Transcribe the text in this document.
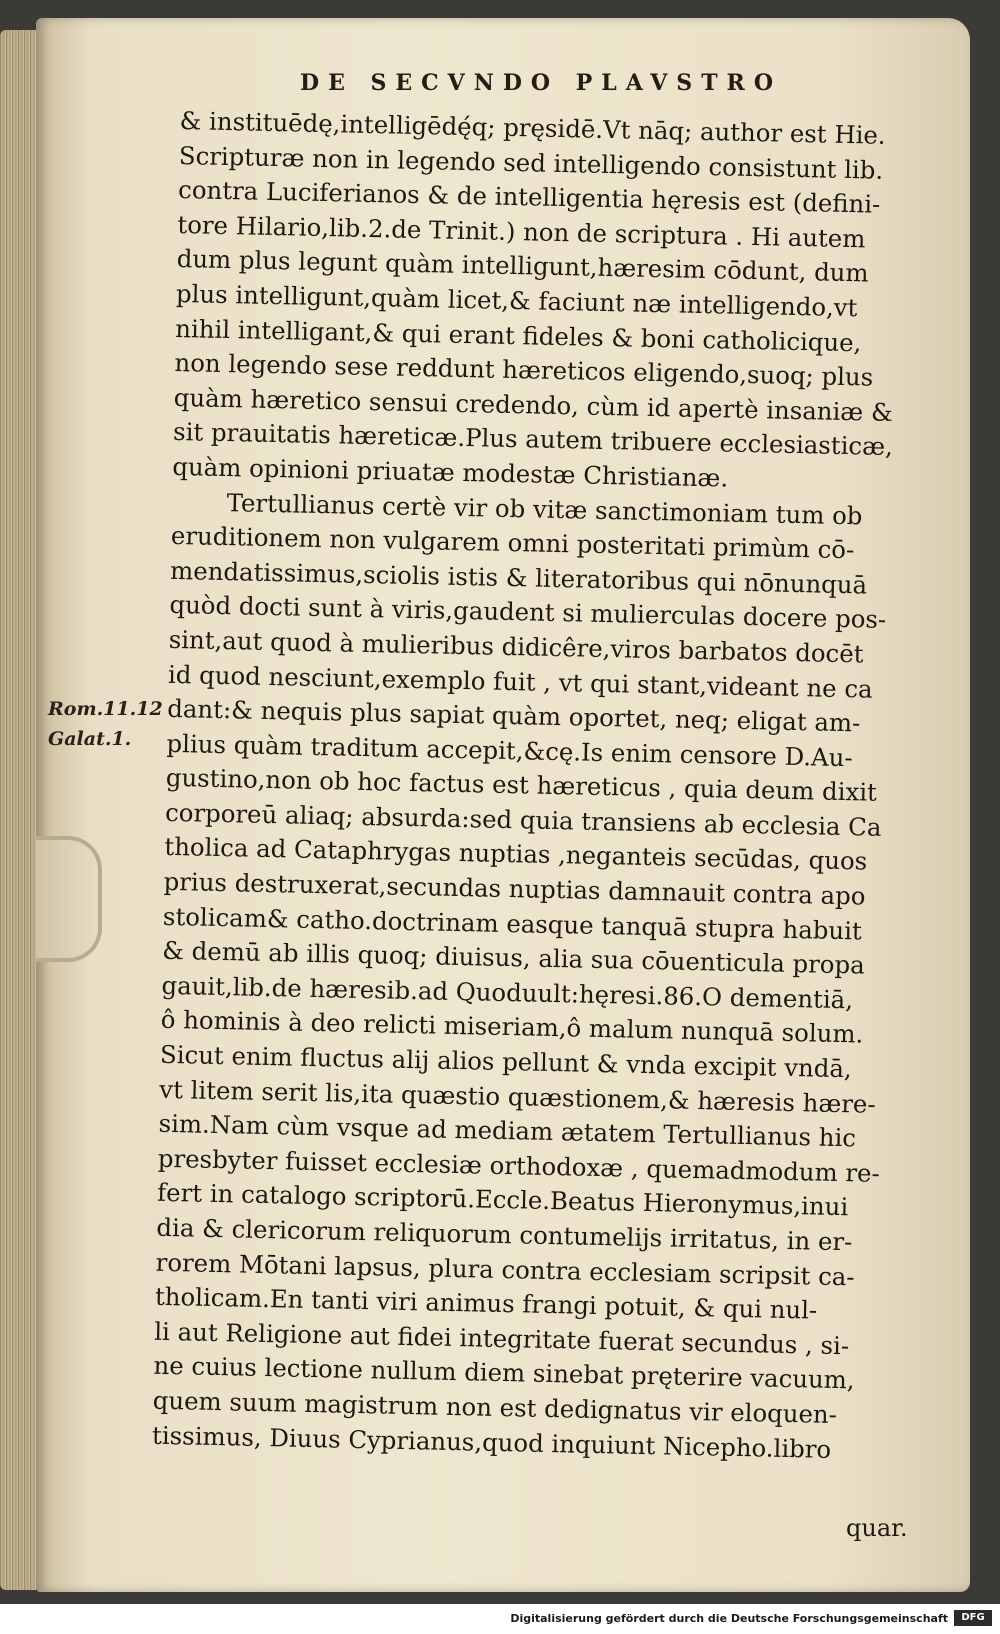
DE SECVNDO PLAVSTRO
& instituēdę,intelligēdę́q; pręsidē.Vt nāq; author est Hie.
Scripturæ non in legendo sed intelligendo consistunt lib.
contra Luciferianos & de intelligentia hęresis est (defini-
tore Hilario,lib.2.de Trinit.) non de scriptura . Hi autem
dum plus legunt quàm intelligunt,hæresim cōdunt, dum
plus intelligunt,quàm licet,& faciunt næ intelligendo,vt
nihil intelligant,& qui erant fideles & boni catholicique,
non legendo sese reddunt hæreticos eligendo,suoq; plus
quàm hæretico sensui credendo, cùm id apertè insaniæ &
sit prauitatis hæreticæ.Plus autem tribuere ecclesiasticæ,
quàm opinioni priuatæ modestæ Christianæ.
Tertullianus certè vir ob vitæ sanctimoniam tum ob
eruditionem non vulgarem omni posteritati primùm cō-
mendatissimus,sciolis istis & literatoribus qui nōnunquā
quòd docti sunt à viris,gaudent si mulierculas docere pos-
sint,aut quod à mulieribus didicêre,viros barbatos docēt
id quod nesciunt,exemplo fuit , vt qui stant,videant ne ca
dant:& nequis plus sapiat quàm oportet, neq; eligat am-
plius quàm traditum accepit,&cę.Is enim censore D.Au-
gustino,non ob hoc factus est hæreticus , quia deum dixit
corporeū aliaq; absurda:sed quia transiens ab ecclesia Ca
tholica ad Cataphrygas nuptias ,neganteis secūdas, quos
prius destruxerat,secundas nuptias damnauit contra apo
stolicam& catho.doctrinam easque tanquā stupra habuit
& demū ab illis quoq; diuisus, alia sua cōuenticula propa
gauit,lib.de hæresib.ad Quoduult:hęresi.86.O dementiā,
ô hominis à deo relicti miseriam,ô malum nunquā solum.
Sicut enim fluctus alij alios pellunt & vnda excipit vndā,
vt litem serit lis,ita quæstio quæstionem,& hæresis hære-
sim.Nam cùm vsque ad mediam ætatem Tertullianus hic
presbyter fuisset ecclesiæ orthodoxæ , quemadmodum re-
fert in catalogo scriptorū.Eccle.Beatus Hieronymus,inui
dia & clericorum reliquorum contumelijs irritatus, in er-
rorem Mōtani lapsus, plura contra ecclesiam scripsit ca-
tholicam.En tanti viri animus frangi potuit, & qui nul-
li aut Religione aut fidei integritate fuerat secundus , si-
ne cuius lectione nullum diem sinebat pręterire vacuum,
quem suum magistrum non est dedignatus vir eloquen-
tissimus, Diuus Cyprianus,quod inquiunt Nicepho.libro
Rom.11.12
Galat.1.
quar.
Digitalisierung gefördert durch die Deutsche Forschungsgemeinschaft	DFG
